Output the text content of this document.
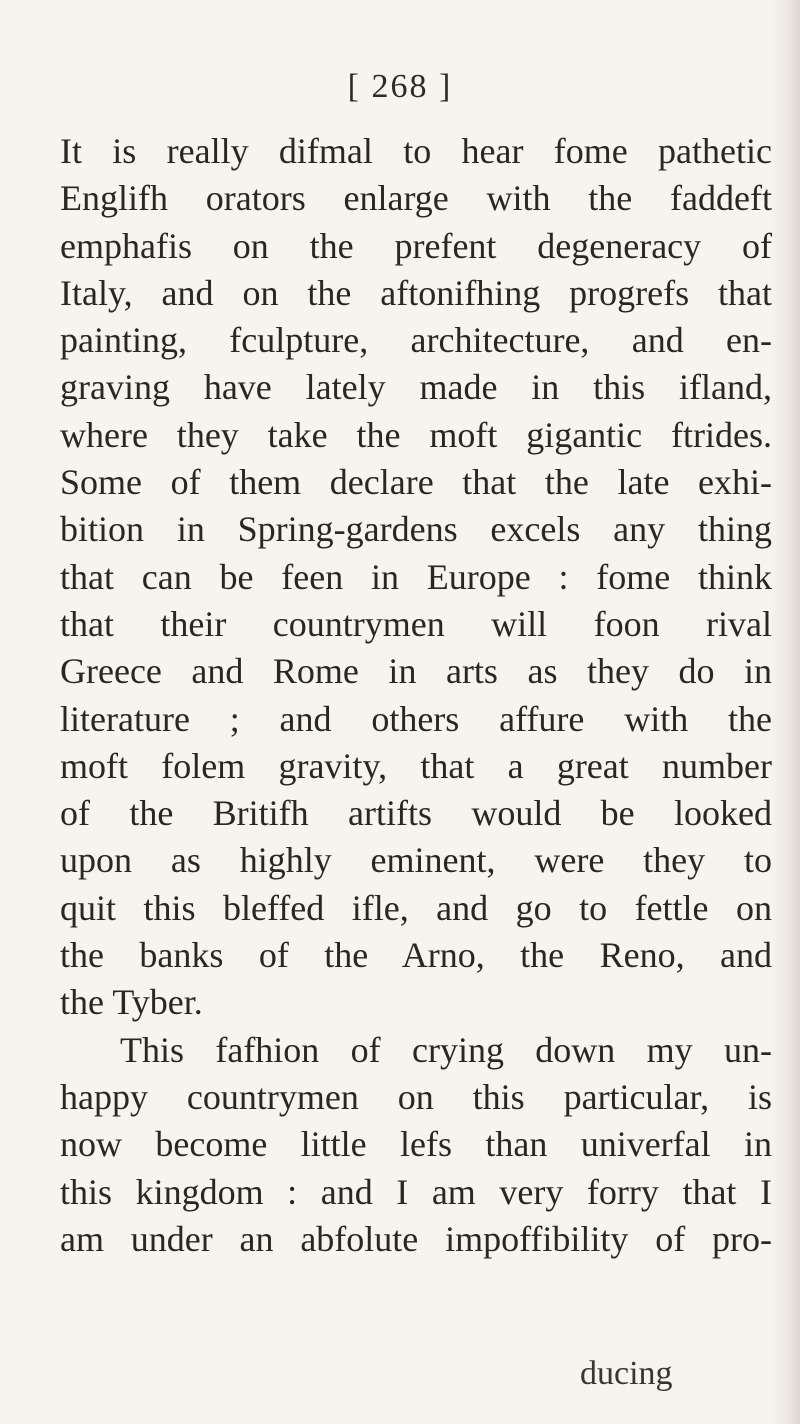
[ 268 ]
It is really difmal to hear fome pathetic
Englifh orators enlarge with the faddeft
emphafis on the prefent degeneracy of
Italy, and on the aftonifhing progrefs that
painting, fculpture, architecture, and en-
graving have lately made in this ifland,
where they take the moft gigantic ftrides.
Some of them declare that the late exhi-
bition in Spring-gardens excels any thing
that can be feen in Europe : fome think
that their countrymen will foon rival
Greece and Rome in arts as they do in
literature ; and others affure with the
moft folem gravity, that a great number
of the Britifh artifts would be looked
upon as highly eminent, were they to
quit this bleffed ifle, and go to fettle on
the banks of the Arno, the Reno, and
the Tyber.
This fafhion of crying down my un-
happy countrymen on this particular, is
now become little lefs than univerfal in
this kingdom : and I am very forry that I
am under an abfolute impoffibility of pro-
ducing
